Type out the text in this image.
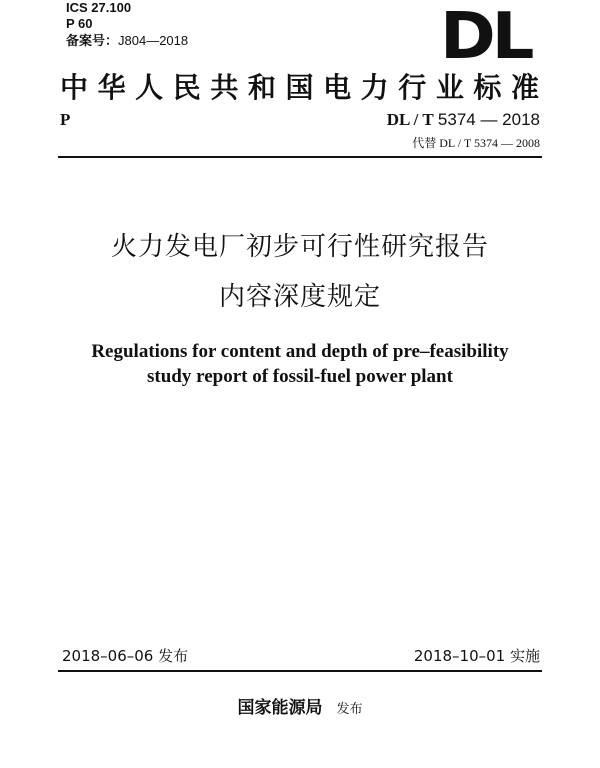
ICS 27.100
P 60
备案号：J804—2018	DL
中华人民共和国电力行业标准
P	DL / T 5374 — 2018
代替 DL / T 5374 — 2008
火力发电厂初步可行性研究报告
内容深度规定
Regulations for content and depth of pre–feasibility
study report of fossil-fuel power plant
2018–06–06 发布	2018–10–01 实施
国家能源局 发布
